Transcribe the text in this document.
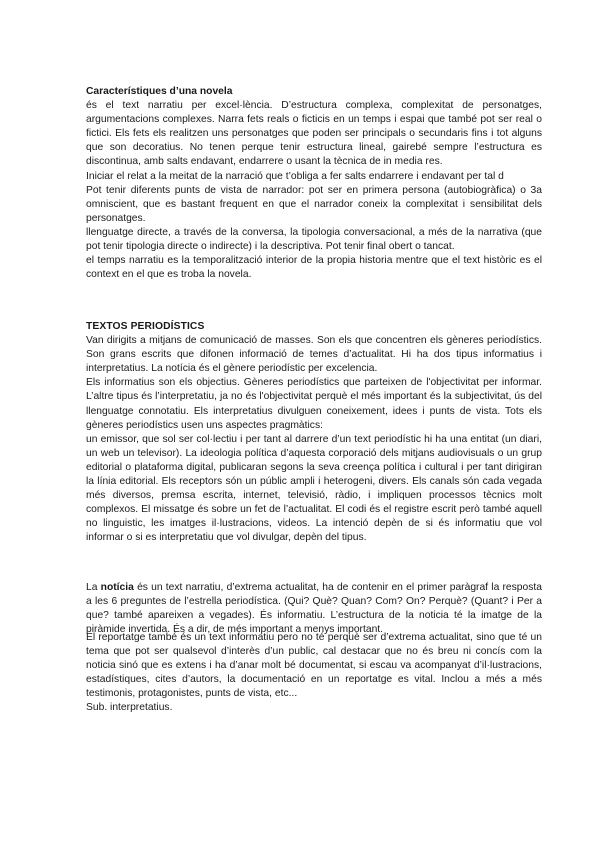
Característiques d’una novela

és el text narratiu per excel·lència. D’estructura complexa, complexitat de personatges, argumentacions complexes. Narra fets reals o ficticis en un temps i espai que també pot ser real o fictici. Els fets els realitzen uns personatges que poden ser principals o secundaris fins i tot alguns que son decoratius. No tenen perque tenir estructura lineal, gairebé sempre l’estructura es discontinua, amb salts endavant, endarrere o usant la tècnica de in media res.

Iniciar el relat a la meitat de la narració que t’obliga a fer salts endarrere i endavant per tal d

Pot tenir diferents punts de vista de narrador: pot ser en primera persona (autobiogràfica) o 3a omniscient, que es bastant frequent en que el narrador coneix la complexitat i sensibilitat dels personatges.

llenguatge directe, a través de la conversa, la tipologia conversacional, a més de la narrativa (que pot tenir tipologia directe o indirecte) i la descriptiva. Pot tenir final obert o tancat.

el temps narratiu es la temporalització interior de la propia historia mentre que el text històric es el context en el que es troba la novela.

TEXTOS PERIODÍSTICS

Van dirigits a mitjans de comunicació de masses. Son els que concentren els gèneres periodístics. Son grans escrits que difonen informació de temes d’actualitat. Hi ha dos tipus informatius i interpretatius. La notícia és el gènere periodístic per excelencia.

Els informatius son els objectius. Gèneres periodístics que parteixen de l'objectivitat per informar. L’altre tipus és l’interpretatiu, ja no és l'objectivitat perquè el més important és la subjectivitat, ús del llenguatge connotatiu. Els interpretatius divulguen coneixement, idees i punts de vista. Tots els gèneres periodístics usen uns aspectes pragmàtics:

un emissor, que sol ser col·lectiu i per tant al darrere d’un text periodístic hi ha una entitat (un diari, un web un televisor). La ideologia política d’aquesta corporació dels mitjans audiovisuals o un grup editorial o plataforma digital, publicaran segons la seva creença política i cultural i per tant dirigiran la línia editorial. Els receptors són un públic ampli i heterogeni, divers. Els canals són cada vegada més diversos, premsa escrita, internet, televisió, ràdio, i impliquen processos tècnics molt complexos. El missatge és sobre un fet de l’actualitat. El codi és el registre escrit però també aquell no linguistic, les imatges il·lustracions, videos. La intenció depèn de si és informatiu que vol informar o si es interpretatiu que vol divulgar, depèn del tipus.

La notícia és un text narratiu, d’extrema actualitat, ha de contenir en el primer paràgraf la resposta a les 6 preguntes de l’estrella periodística. (Qui? Què? Quan? Com? On? Perquè? (Quant? i Per a que? també apareixen a vegades). És informatiu. L’estructura de la noticia té la imatge de la piràmide invertida. És a dir, de més important a menys important.

El reportatge també és un text informatiu pero no té perquè ser d’extrema actualitat, sino que té un tema que pot ser qualsevol d’interès d’un public, cal destacar que no és breu ni concís com la noticia sinó que es extens i ha d’anar molt bé documentat, si escau va acompanyat d’il·lustracions, estadístiques, cites d’autors, la documentació en un reportatge es vital. Inclou a més a més testimonis, protagonistes, punts de vista, etc...

Sub. interpretatius.
